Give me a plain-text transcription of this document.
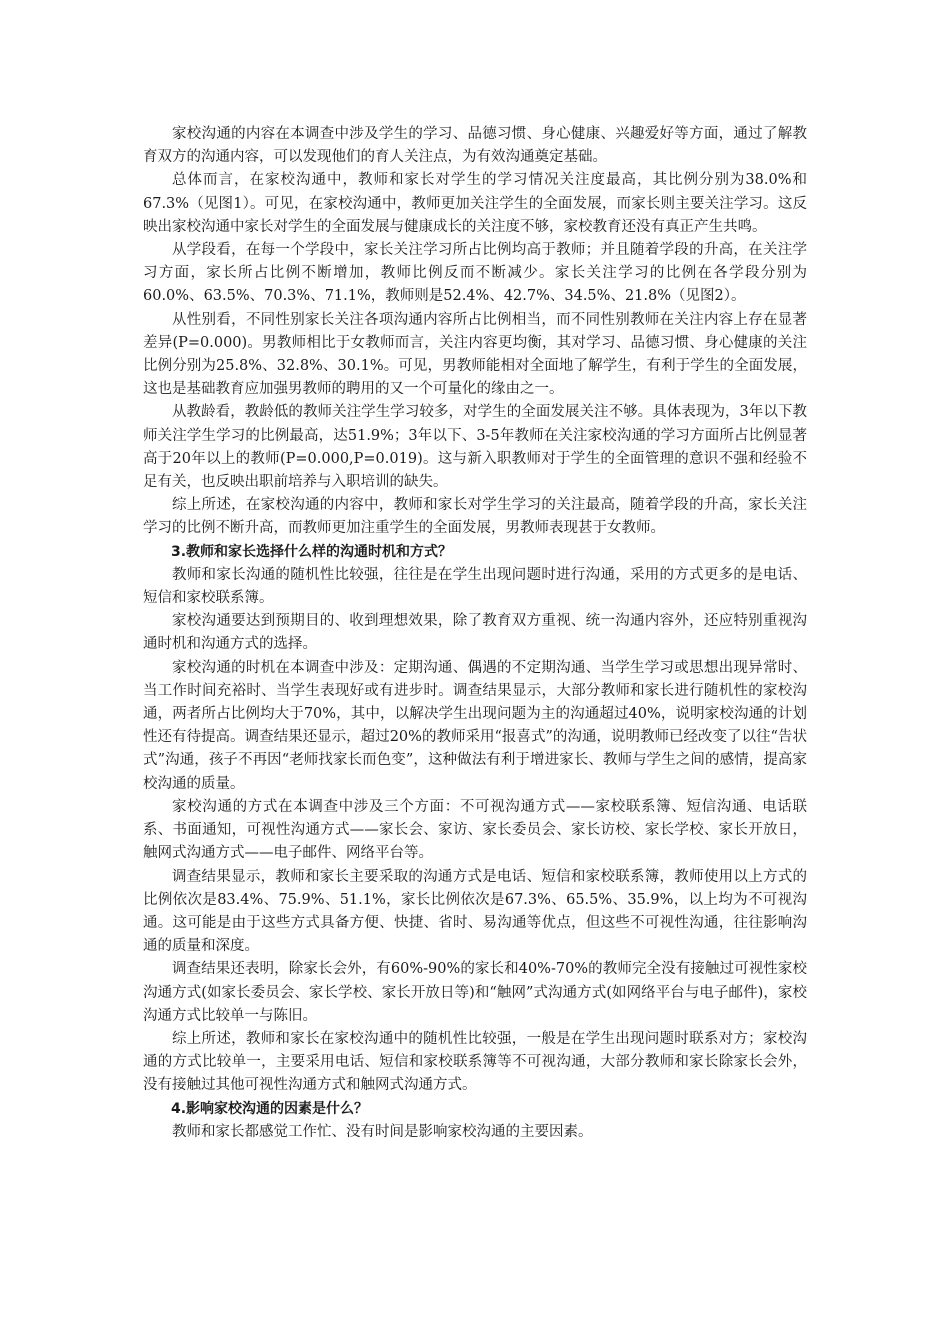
家校沟通的内容在本调查中涉及学生的学习、品德习惯、身心健康、兴趣爱好等方面，通过了解教育双方的沟通内容，可以发现他们的育人关注点，为有效沟通奠定基础。

总体而言，在家校沟通中，教师和家长对学生的学习情况关注度最高，其比例分别为38.0%和67.3%（见图1）。可见，在家校沟通中，教师更加关注学生的全面发展，而家长则主要关注学习。这反映出家校沟通中家长对学生的全面发展与健康成长的关注度不够，家校教育还没有真正产生共鸣。

从学段看，在每一个学段中，家长关注学习所占比例均高于教师；并且随着学段的升高，在关注学习方面，家长所占比例不断增加，教师比例反而不断减少。家长关注学习的比例在各学段分别为60.0%、63.5%、70.3%、71.1%，教师则是52.4%、42.7%、34.5%、21.8%（见图2）。

从性别看，不同性别家长关注各项沟通内容所占比例相当，而不同性别教师在关注内容上存在显著差异(P=0.000)。男教师相比于女教师而言，关注内容更均衡，其对学习、品德习惯、身心健康的关注比例分别为25.8%、32.8%、30.1%。可见，男教师能相对全面地了解学生，有利于学生的全面发展，这也是基础教育应加强男教师的聘用的又一个可量化的缘由之一。

从教龄看，教龄低的教师关注学生学习较多，对学生的全面发展关注不够。具体表现为，3年以下教师关注学生学习的比例最高，达51.9%；3年以下、3-5年教师在关注家校沟通的学习方面所占比例显著高于20年以上的教师(P=0.000,P=0.019)。这与新入职教师对于学生的全面管理的意识不强和经验不足有关，也反映出职前培养与入职培训的缺失。

综上所述，在家校沟通的内容中，教师和家长对学生学习的关注最高，随着学段的升高，家长关注学习的比例不断升高，而教师更加注重学生的全面发展，男教师表现甚于女教师。

3.教师和家长选择什么样的沟通时机和方式？

教师和家长沟通的随机性比较强，往往是在学生出现问题时进行沟通，采用的方式更多的是电话、短信和家校联系簿。

家校沟通要达到预期目的、收到理想效果，除了教育双方重视、统一沟通内容外，还应特别重视沟通时机和沟通方式的选择。

家校沟通的时机在本调查中涉及：定期沟通、偶遇的不定期沟通、当学生学习或思想出现异常时、当工作时间充裕时、当学生表现好或有进步时。调查结果显示，大部分教师和家长进行随机性的家校沟通，两者所占比例均大于70%，其中，以解决学生出现问题为主的沟通超过40%，说明家校沟通的计划性还有待提高。调查结果还显示，超过20%的教师采用“报喜式”的沟通，说明教师已经改变了以往“告状式”沟通，孩子不再因“老师找家长而色变”，这种做法有利于增进家长、教师与学生之间的感情，提高家校沟通的质量。

家校沟通的方式在本调查中涉及三个方面：不可视沟通方式——家校联系簿、短信沟通、电话联系、书面通知，可视性沟通方式——家长会、家访、家长委员会、家长访校、家长学校、家长开放日，触网式沟通方式——电子邮件、网络平台等。

调查结果显示，教师和家长主要采取的沟通方式是电话、短信和家校联系簿，教师使用以上方式的比例依次是83.4%、75.9%、51.1%，家长比例依次是67.3%、65.5%、35.9%，以上均为不可视沟通。这可能是由于这些方式具备方便、快捷、省时、易沟通等优点，但这些不可视性沟通，往往影响沟通的质量和深度。

调查结果还表明，除家长会外，有60%-90%的家长和40%-70%的教师完全没有接触过可视性家校沟通方式(如家长委员会、家长学校、家长开放日等)和“触网”式沟通方式(如网络平台与电子邮件)，家校沟通方式比较单一与陈旧。

综上所述，教师和家长在家校沟通中的随机性比较强，一般是在学生出现问题时联系对方；家校沟通的方式比较单一，主要采用电话、短信和家校联系簿等不可视沟通，大部分教师和家长除家长会外，没有接触过其他可视性沟通方式和触网式沟通方式。

4.影响家校沟通的因素是什么？

教师和家长都感觉工作忙、没有时间是影响家校沟通的主要因素。
